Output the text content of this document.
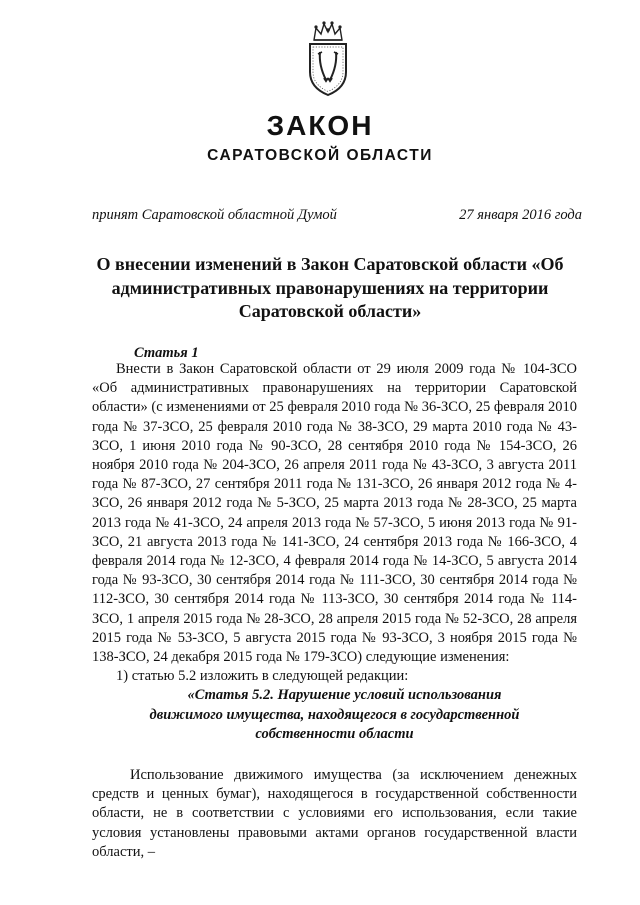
ЗАКОН
САРАТОВСКОЙ ОБЛАСТИ
принят Саратовской областной Думой	27 января 2016 года
О внесении изменений в Закон Саратовской области «Об административных правонарушениях на территории Саратовской области»
Статья 1

Внести в Закон Саратовской области от 29 июля 2009 года № 104-ЗСО «Об административных правонарушениях на территории Саратовской области» (с изменениями от 25 февраля 2010 года № 36-ЗСО, 25 февраля 2010 года № 37-ЗСО, 25 февраля 2010 года № 38-ЗСО, 29 марта 2010 года № 43-ЗСО, 1 июня 2010 года № 90-ЗСО, 28 сентября 2010 года № 154-ЗСО, 26 ноября 2010 года № 204-ЗСО, 26 апреля 2011 года № 43-ЗСО, 3 августа 2011 года № 87-ЗСО, 27 сентября 2011 года № 131-ЗСО, 26 января 2012 года № 4-ЗСО, 26 января 2012 года № 5-ЗСО, 25 марта 2013 года № 28-ЗСО, 25 марта 2013 года № 41-ЗСО, 24 апреля 2013 года № 57-ЗСО, 5 июня 2013 года № 91-ЗСО, 21 августа 2013 года № 141-ЗСО, 24 сентября 2013 года № 166-ЗСО, 4 февраля 2014 года № 12-ЗСО, 4 февраля 2014 года № 14-ЗСО, 5 августа 2014 года № 93-ЗСО, 30 сентября 2014 года № 111-ЗСО, 30 сентября 2014 года № 112-ЗСО, 30 сентября 2014 года № 113-ЗСО, 30 сентября 2014 года № 114-ЗСО, 1 апреля 2015 года № 28-ЗСО, 28 апреля 2015 года № 52-ЗСО, 28 апреля 2015 года № 53-ЗСО, 5 августа 2015 года № 93-ЗСО, 3 ноября 2015 года № 138-ЗСО, 24 декабря 2015 года № 179-ЗСО) следующие изменения:

1) статью 5.2 изложить в следующей редакции:

«Статья 5.2. Нарушение условий использования
движимого имущества, находящегося в государственной
собственности области

Использование движимого имущества (за исключением денежных средств и ценных бумаг), находящегося в государственной собственности области, не в соответствии с условиями его использования, если такие условия установлены правовыми актами органов государственной власти области, –
